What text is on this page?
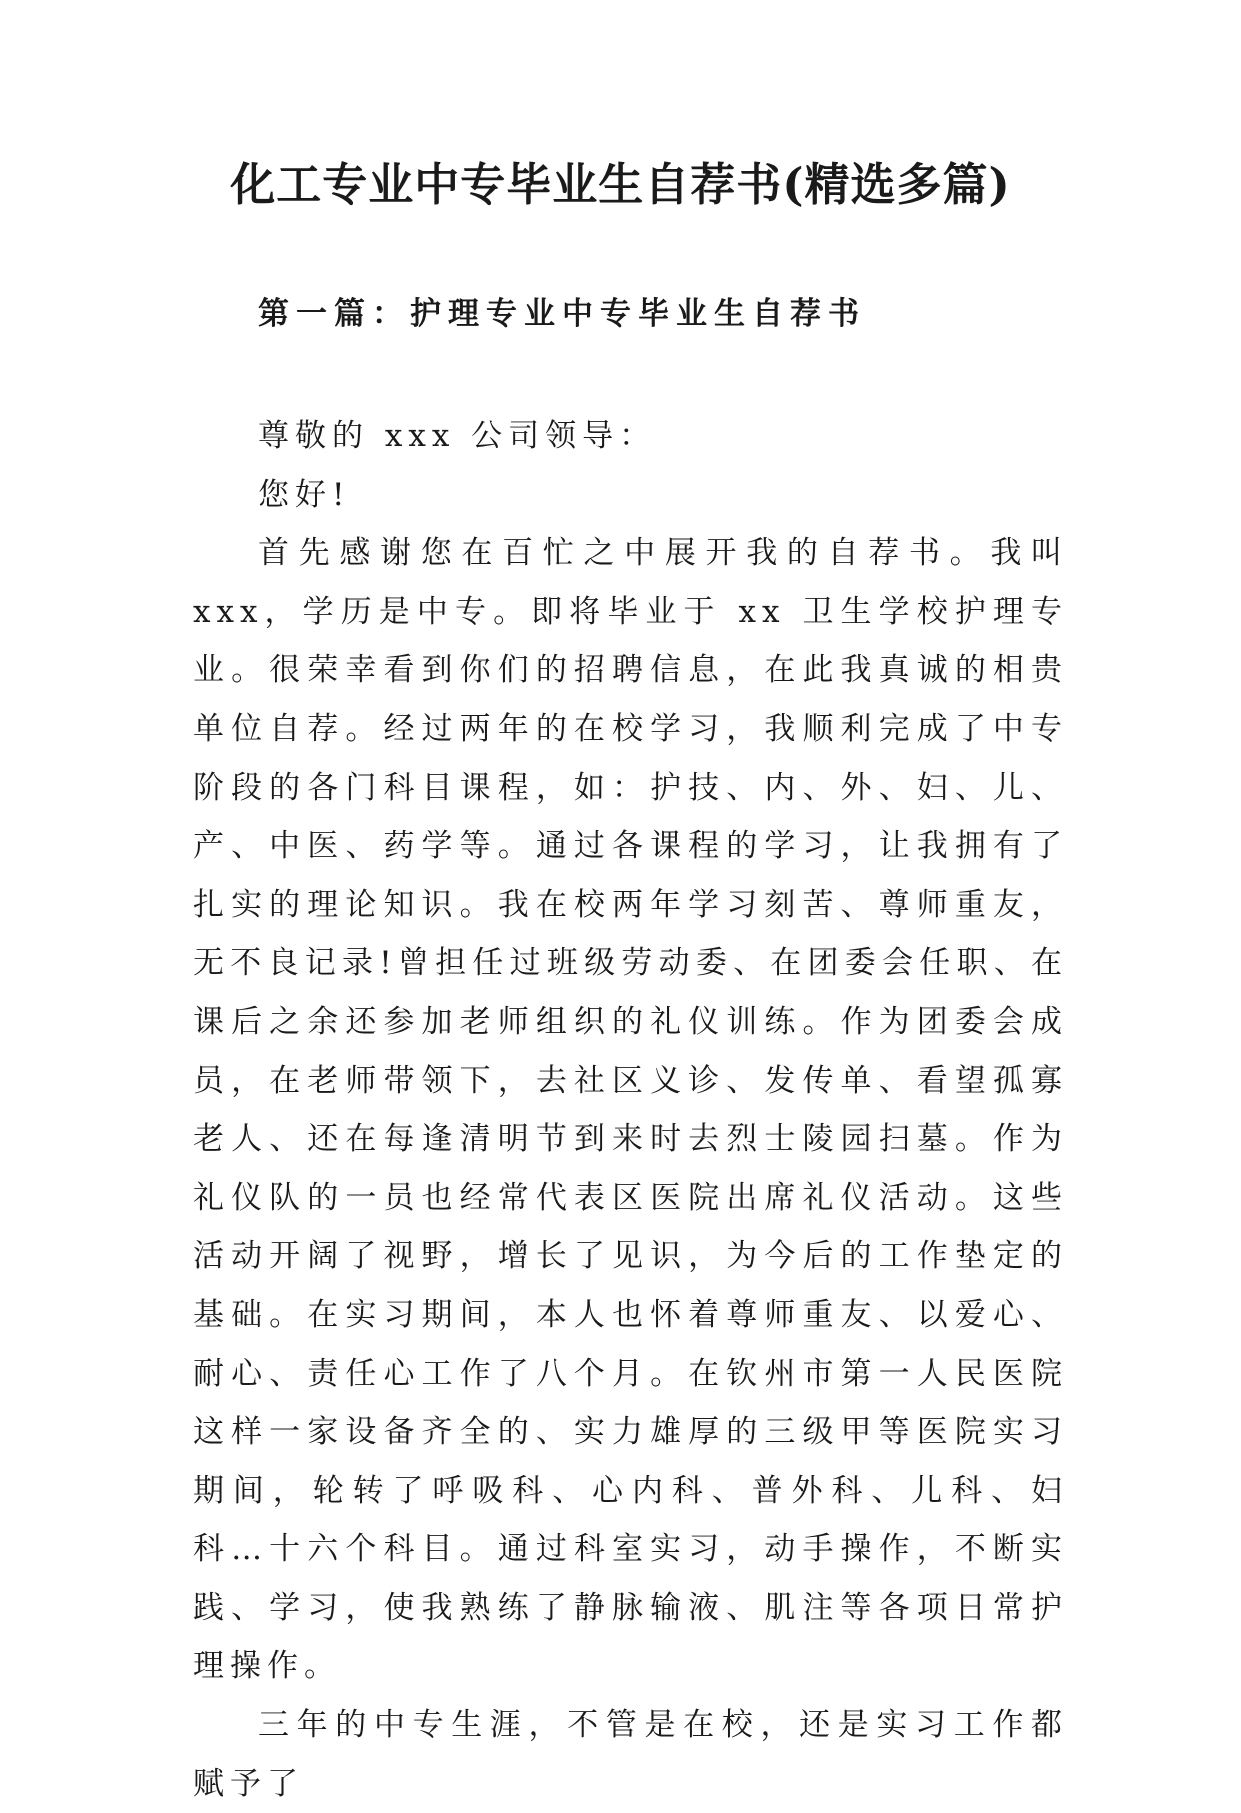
化工专业中专毕业生自荐书(精选多篇)
第一篇：护理专业中专毕业生自荐书

尊敬的 xxx 公司领导：

您好!

首先感谢您在百忙之中展开我的自荐书。我叫 xxx，学历是中专。即将毕业于 xx 卫生学校护理专业。很荣幸看到你们的招聘信息，在此我真诚的相贵单位自荐。经过两年的在校学习，我顺利完成了中专阶段的各门科目课程，如：护技、内、外、妇、儿、产、中医、药学等。通过各课程的学习，让我拥有了扎实的理论知识。我在校两年学习刻苦、尊师重友，无不良记录!曾担任过班级劳动委、在团委会任职、在课后之余还参加老师组织的礼仪训练。作为团委会成员，在老师带领下，去社区义诊、发传单、看望孤寡老人、还在每逢清明节到来时去烈士陵园扫墓。作为礼仪队的一员也经常代表区医院出席礼仪活动。这些活动开阔了视野，增长了见识，为今后的工作垫定的基础。在实习期间，本人也怀着尊师重友、以爱心、耐心、责任心工作了八个月。在钦州市第一人民医院这样一家设备齐全的、实力雄厚的三级甲等医院实习期间，轮转了呼吸科、心内科、普外科、儿科、妇科…十六个科目。通过科室实习，动手操作，不断实践、学习，使我熟练了静脉输液、肌注等各项日常护理操作。

三年的中专生涯，不管是在校，还是实习工作都赋予了
